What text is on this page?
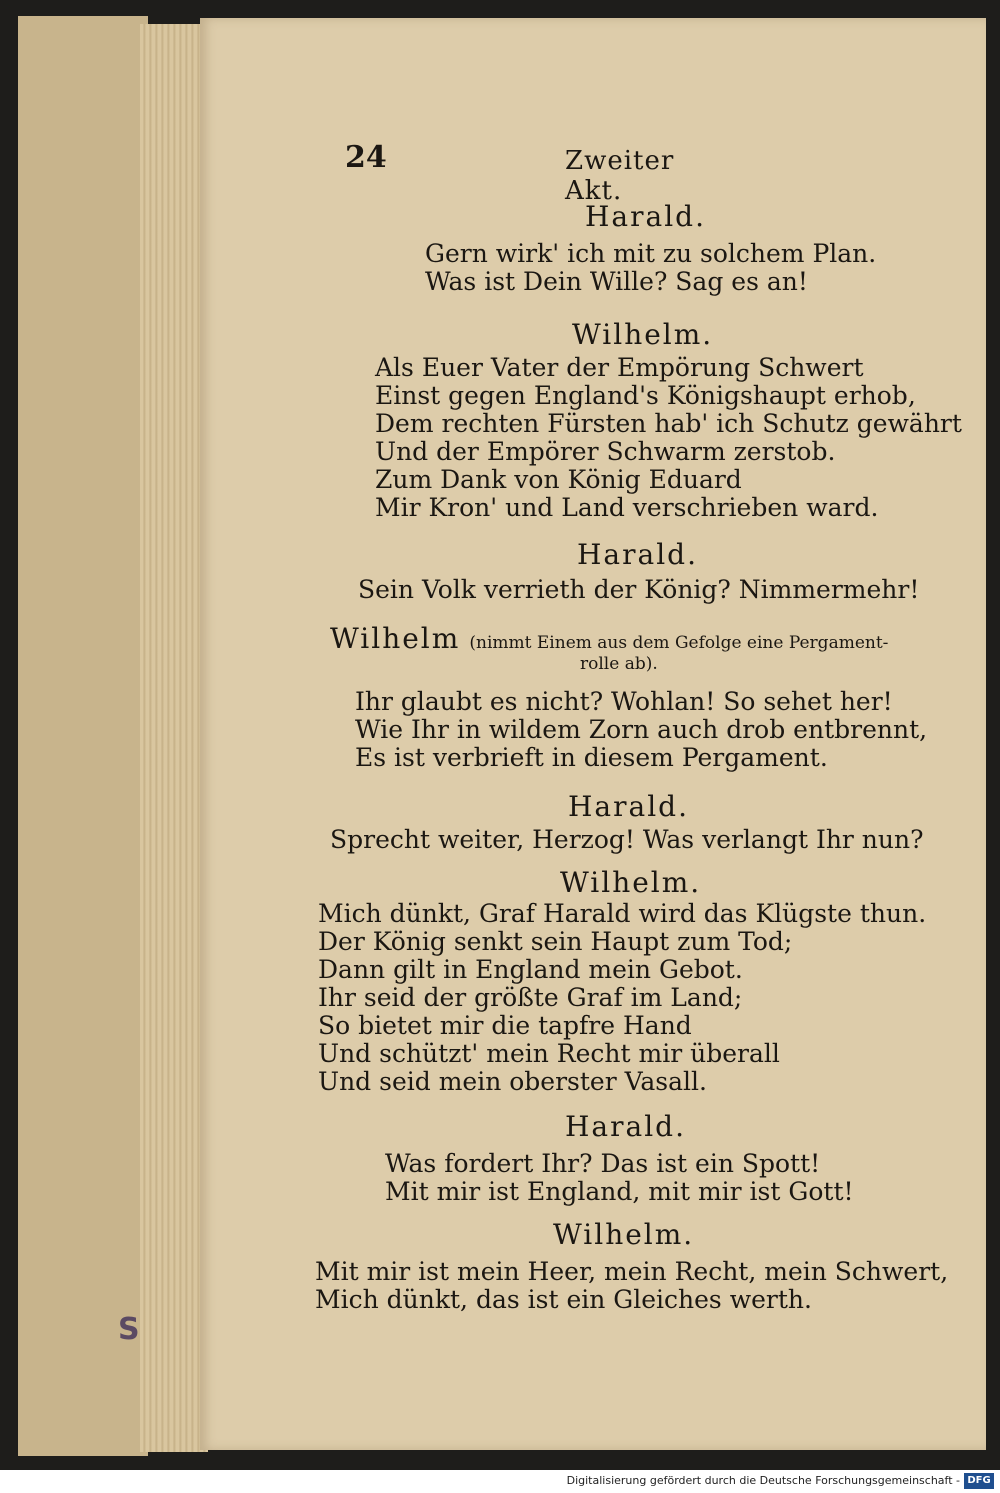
S
24	Zweiter Akt.
Harald.
Gern wirk' ich mit zu solchem Plan.
Was ist Dein Wille? Sag es an!
Wilhelm.
Als Euer Vater der Empörung Schwert
Einst gegen England's Königshaupt erhob,
Dem rechten Fürsten hab' ich Schutz gewährt
Und der Empörer Schwarm zerstob.
Zum Dank von König Eduard
Mir Kron' und Land verschrieben ward.
Harald.
Sein Volk verrieth der König? Nimmermehr!
Wilhelm (nimmt Einem aus dem Gefolge eine Pergament-
rolle ab).
Ihr glaubt es nicht? Wohlan! So sehet her!
Wie Ihr in wildem Zorn auch drob entbrennt,
Es ist verbrieft in diesem Pergament.
Harald.
Sprecht weiter, Herzog! Was verlangt Ihr nun?
Wilhelm.
Mich dünkt, Graf Harald wird das Klügste thun.
Der König senkt sein Haupt zum Tod;
Dann gilt in England mein Gebot.
Ihr seid der größte Graf im Land;
So bietet mir die tapfre Hand
Und schützt' mein Recht mir überall
Und seid mein oberster Vasall.
Harald.
Was fordert Ihr? Das ist ein Spott!
Mit mir ist England, mit mir ist Gott!
Wilhelm.
Mit mir ist mein Heer, mein Recht, mein Schwert,
Mich dünkt, das ist ein Gleiches werth.
Digitalisierung gefördert durch die Deutsche Forschungsgemeinschaft - DFG
